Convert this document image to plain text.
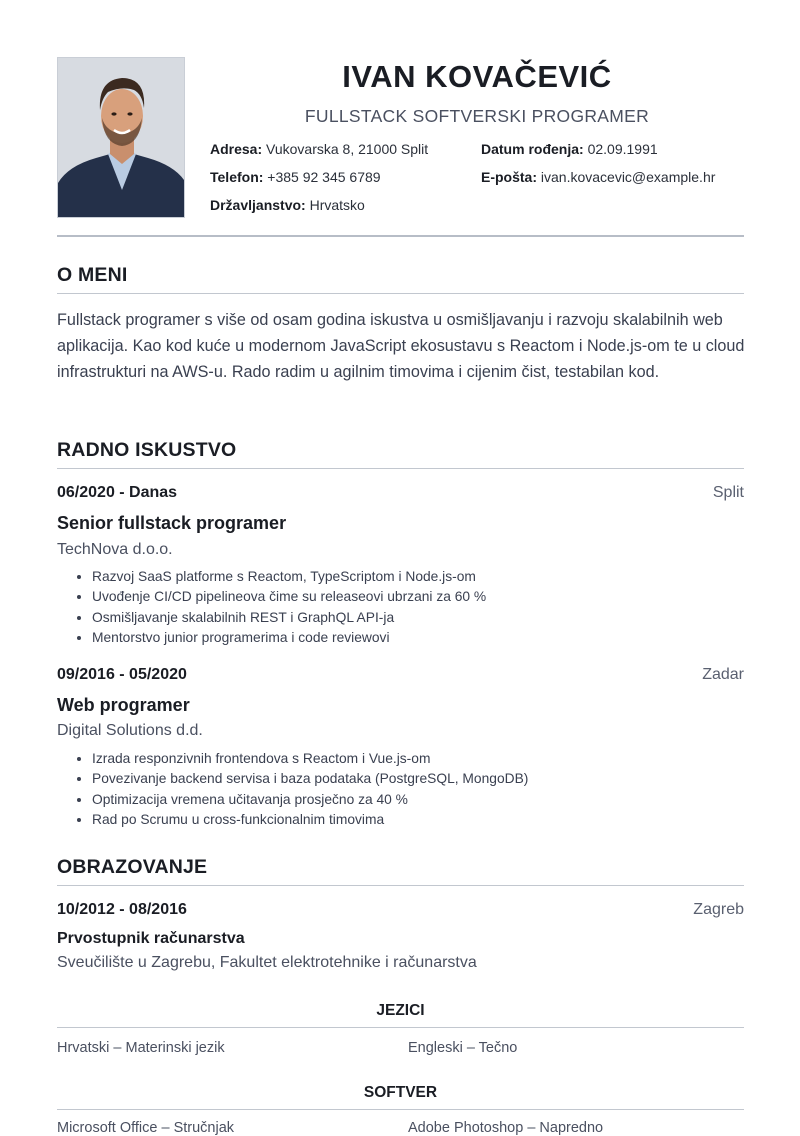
IVAN KOVAČEVIĆ
FULLSTACK SOFTVERSKI PROGRAMER
Adresa: Vukovarska 8, 21000 Split	Datum rođenja: 02.09.1991
Telefon: +385 92 345 6789	E-pošta: ivan.kovacevic@example.hr
Državljanstvo: Hrvatsko
O MENI
Fullstack programer s više od osam godina iskustva u osmišljavanju i razvoju skalabilnih web aplikacija. Kao kod kuće u modernom JavaScript ekosustavu s Reactom i Node.js-om te u cloud infrastrukturi na AWS-u. Rado radim u agilnim timovima i cijenim čist, testabilan kod.
RADNO ISKUSTVO
06/2020 - Danas	Split
Senior fullstack programer
TechNova d.o.o.
• Razvoj SaaS platforme s Reactom, TypeScriptom i Node.js-om
• Uvođenje CI/CD pipelineova čime su releaseovi ubrzani za 60 %
• Osmišljavanje skalabilnih REST i GraphQL API-ja
• Mentorstvo junior programerima i code reviewovi
09/2016 - 05/2020	Zadar
Web programer
Digital Solutions d.d.
• Izrada responzivnih frontendova s Reactom i Vue.js-om
• Povezivanje backend servisa i baza podataka (PostgreSQL, MongoDB)
• Optimizacija vremena učitavanja prosječno za 40 %
• Rad po Scrumu u cross-funkcionalnim timovima
OBRAZOVANJE
10/2012 - 08/2016	Zagreb
Prvostupnik računarstva
Sveučilište u Zagrebu, Fakultet elektrotehnike i računarstva
JEZICI
Hrvatski – Materinski jezik	Engleski – Tečno
SOFTVER
Microsoft Office – Stručnjak	Adobe Photoshop – Napredno
